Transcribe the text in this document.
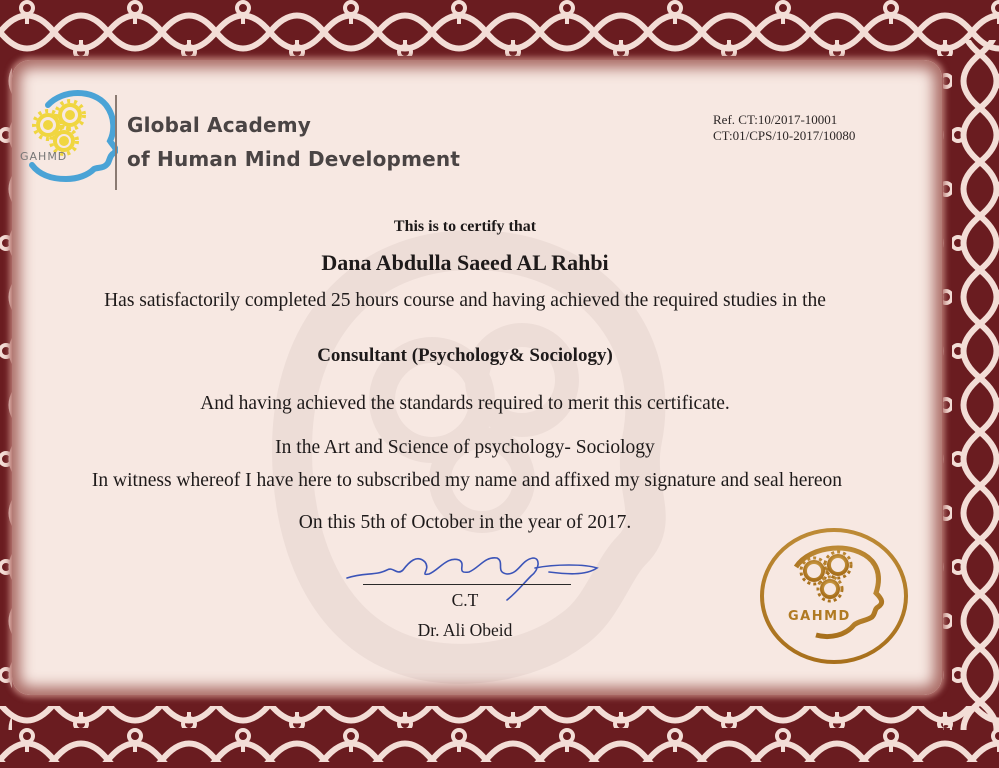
GAHMD
Global Academy
of Human Mind Development
Ref. CT:10/2017-10001
CT:01/CPS/10-2017/10080
This is to certify that
Dana Abdulla Saeed AL Rahbi
Has satisfactorily completed 25 hours course and having achieved the required studies in the
Consultant (Psychology& Sociology)
And having achieved the standards required to merit this certificate.
In the Art and Science of psychology- Sociology
In witness whereof I have here to subscribed my name and affixed my signature and seal hereon
On this 5th of October in the year of 2017.
C.T
Dr. Ali Obeid
GAHMD
